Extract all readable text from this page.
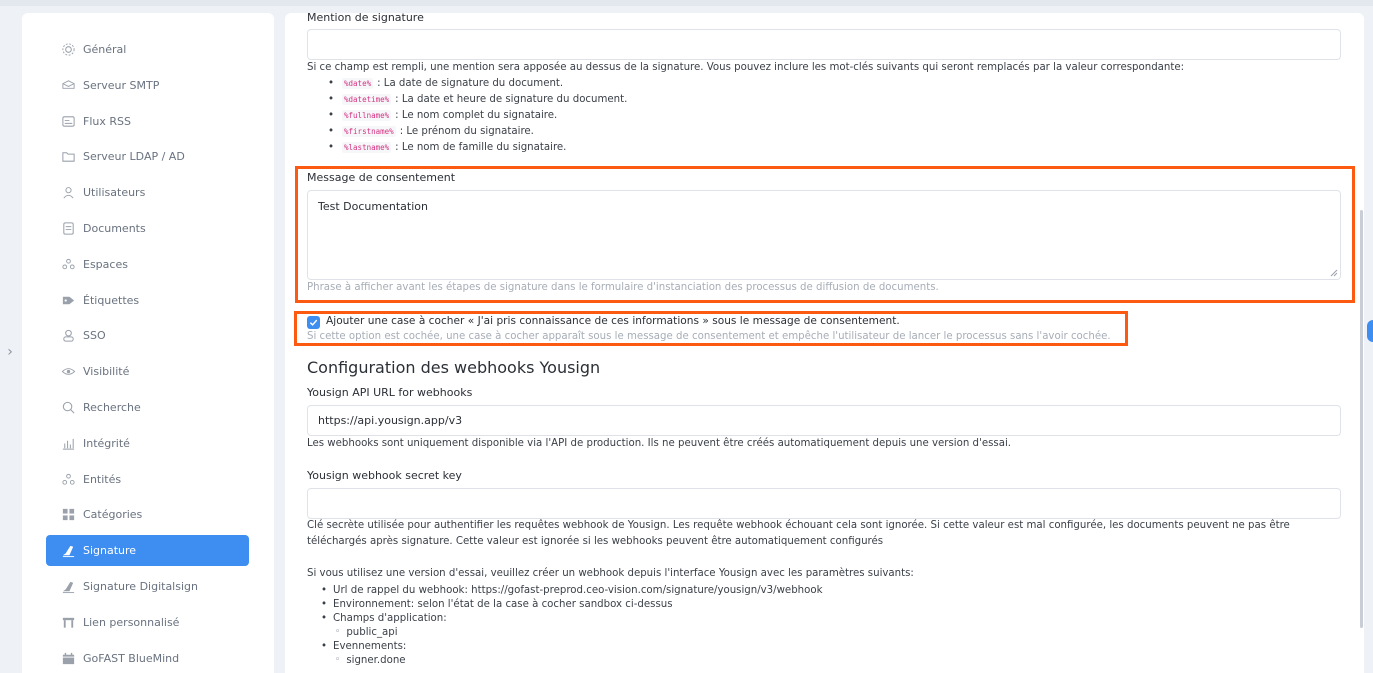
›
Général
Serveur SMTP
Flux RSS
Serveur LDAP / AD
Utilisateurs
Documents
Espaces
Étiquettes
SSO
Visibilité
Recherche
Intégrité
Entités
Catégories
Signature
Signature Digitalsign
Lien personnalisé
GoFAST BlueMind
Mention de signature
Si ce champ est rempli, une mention sera apposée au dessus de la signature. Vous pouvez inclure les mot-clés suivants qui seront remplacés par la valeur correspondante:
• %date% : La date de signature du document.
• %datetime% : La date et heure de signature du document.
• %fullname% : Le nom complet du signataire.
• %firstname% : Le prénom du signataire.
• %lastname% : Le nom de famille du signataire.
Message de consentement
Test Documentation
Phrase à afficher avant les étapes de signature dans le formulaire d'instanciation des processus de diffusion de documents.
Ajouter une case à cocher « J'ai pris connaissance de ces informations » sous le message de consentement.
Si cette option est cochée, une case à cocher apparaît sous le message de consentement et empêche l'utilisateur de lancer le processus sans l'avoir cochée.
Configuration des webhooks Yousign
Yousign API URL for webhooks
https://api.yousign.app/v3
Les webhooks sont uniquement disponible via l'API de production. Ils ne peuvent être créés automatiquement depuis une version d'essai.
Yousign webhook secret key
Clé secrète utilisée pour authentifier les requêtes webhook de Yousign. Les requête webhook échouant cela sont ignorée. Si cette valeur est mal configurée, les documents peuvent ne pas être
téléchargés après signature. Cette valeur est ignorée si les webhooks peuvent être automatiquement configurés
Si vous utilisez une version d'essai, veuillez créer un webhook depuis l'interface Yousign avec les paramètres suivants:
• Url de rappel du webhook: https://gofast-preprod.ceo-vision.com/signature/yousign/v3/webhook
• Environnement: selon l'état de la case à cocher sandbox ci-dessus
• Champs d'application:
◦ public_api
• Evennements:
◦ signer.done
